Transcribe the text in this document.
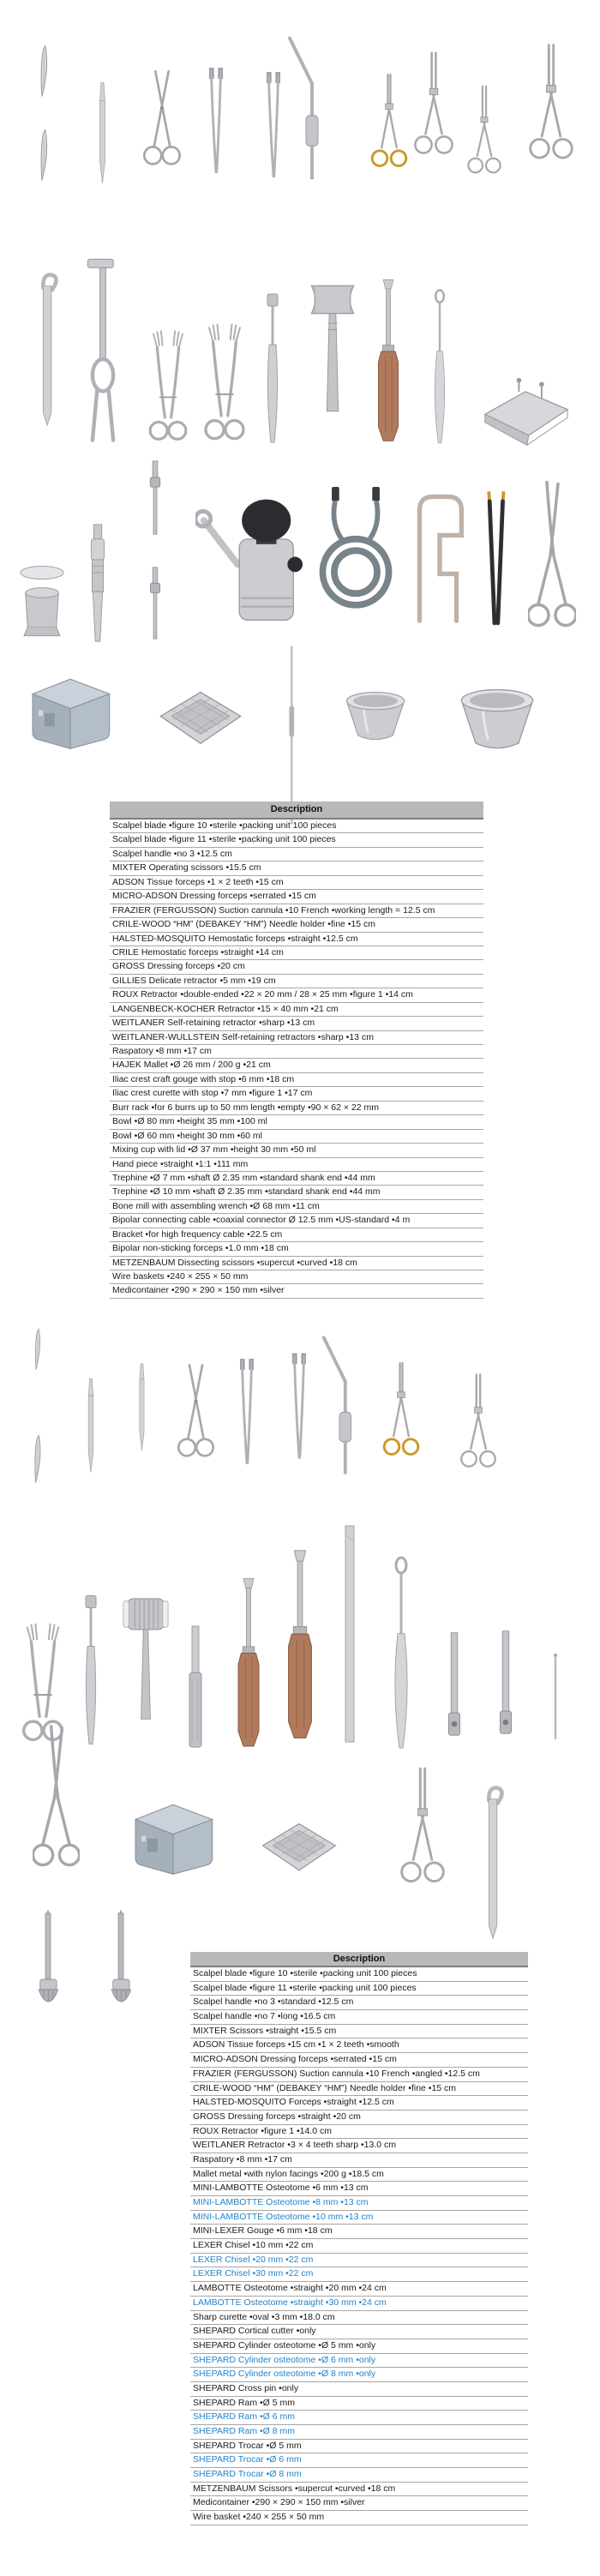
Description
Scalpel blade •figure 10 •sterile •packing unit 100 pieces
Scalpel blade •figure 11 •sterile •packing unit 100 pieces
Scalpel handle •no 3 •12.5 cm
MIXTER Operating scissors •15.5 cm
ADSON Tissue forceps •1 × 2 teeth •15 cm
MICRO-ADSON Dressing forceps •serrated •15 cm
FRAZIER (FERGUSSON) Suction cannula •10 French •working length = 12.5 cm
CRILE-WOOD “HM” (DEBAKEY “HM”) Needle holder •fine •15 cm
HALSTED-MOSQUITO Hemostatic forceps •straight •12.5 cm
CRILE Hemostatic forceps •straight •14 cm
GROSS Dressing forceps •20 cm
GILLIES Delicate retractor •5 mm •19 cm
ROUX Retractor •double-ended •22 × 20 mm / 28 × 25 mm •figure 1 •14 cm
LANGENBECK-KOCHER Retractor •15 × 40 mm •21 cm
WEITLANER Self-retaining retractor •sharp •13 cm
WEITLANER-WULLSTEIN Self-retaining retractors •sharp •13 cm
Raspatory •8 mm •17 cm
HAJEK Mallet •Ø 26 mm / 200 g •21 cm
Iliac crest craft gouge with stop •6 mm •18 cm
Iliac crest curette with stop •7 mm •figure 1 •17 cm
Burr rack •for 6 burrs up to 50 mm length •empty •90 × 62 × 22 mm
Bowl •Ø 80 mm •height 35 mm •100 ml
Bowl •Ø 60 mm •height 30 mm •60 ml
Mixing cup with lid •Ø 37 mm •height 30 mm •50 ml
Hand piece •straight •1:1 •111 mm
Trephine •Ø 7 mm •shaft Ø 2.35 mm •standard shank end •44 mm
Trephine •Ø 10 mm •shaft Ø 2.35 mm •standard shank end •44 mm
Bone mill with assembling wrench •Ø 68 mm •11 cm
Bipolar connecting cable •coaxial connector Ø 12.5 mm •US-standard •4 m
Bracket •for high frequency cable •22.5 cm
Bipolar non-sticking forceps •1.0 mm •18 cm
METZENBAUM Dissecting scissors •supercut •curved •18 cm
Wire baskets •240 × 255 × 50 mm
Medicontainer •290 × 290 × 150 mm •silver
Description
Scalpel blade •figure 10 •sterile •packing unit 100 pieces
Scalpel blade •figure 11 •sterile •packing unit 100 pieces
Scalpel handle •no 3 •standard •12.5 cm
Scalpel handle •no 7 •long •16.5 cm
MIXTER Scissors •straight •15.5 cm
ADSON Tissue forceps •15 cm •1 × 2 teeth •smooth
MICRO-ADSON Dressing forceps •serrated •15 cm
FRAZIER (FERGUSSON) Suction cannula •10 French •angled •12.5 cm
CRILE-WOOD “HM” (DEBAKEY “HM”) Needle holder •fine •15 cm
HALSTED-MOSQUITO Forceps •straight •12.5 cm
GROSS Dressing forceps •straight •20 cm
ROUX Retractor •figure 1 •14.0 cm
WEITLANER Retractor •3 × 4 teeth sharp •13.0 cm
Raspatory •8 mm •17 cm
Mallet metal •with nylon facings •200 g •18.5 cm
MINI-LAMBOTTE Osteotome •6 mm •13 cm
MINI-LAMBOTTE Osteotome •8 mm •13 cm
MINI-LAMBOTTE Osteotome •10 mm •13 cm
MINI-LEXER Gouge •6 mm •18 cm
LEXER Chisel •10 mm •22 cm
LEXER Chisel •20 mm •22 cm
LEXER Chisel •30 mm •22 cm
LAMBOTTE Osteotome •straight •20 mm •24 cm
LAMBOTTE Osteotome •straight •30 mm •24 cm
Sharp curette •oval •3 mm •18.0 cm
SHEPARD Cortical cutter •only
SHEPARD Cylinder osteotome •Ø 5 mm •only
SHEPARD Cylinder osteotome •Ø 6 mm •only
SHEPARD Cylinder osteotome •Ø 8 mm •only
SHEPARD Cross pin •only
SHEPARD Ram •Ø 5 mm
SHEPARD Ram •Ø 6 mm
SHEPARD Ram •Ø 8 mm
SHEPARD Trocar •Ø 5 mm
SHEPARD Trocar •Ø 6 mm
SHEPARD Trocar •Ø 8 mm
METZENBAUM Scissors •supercut •curved •18 cm
Medicontainer •290 × 290 × 150 mm •silver
Wire basket •240 × 255 × 50 mm
